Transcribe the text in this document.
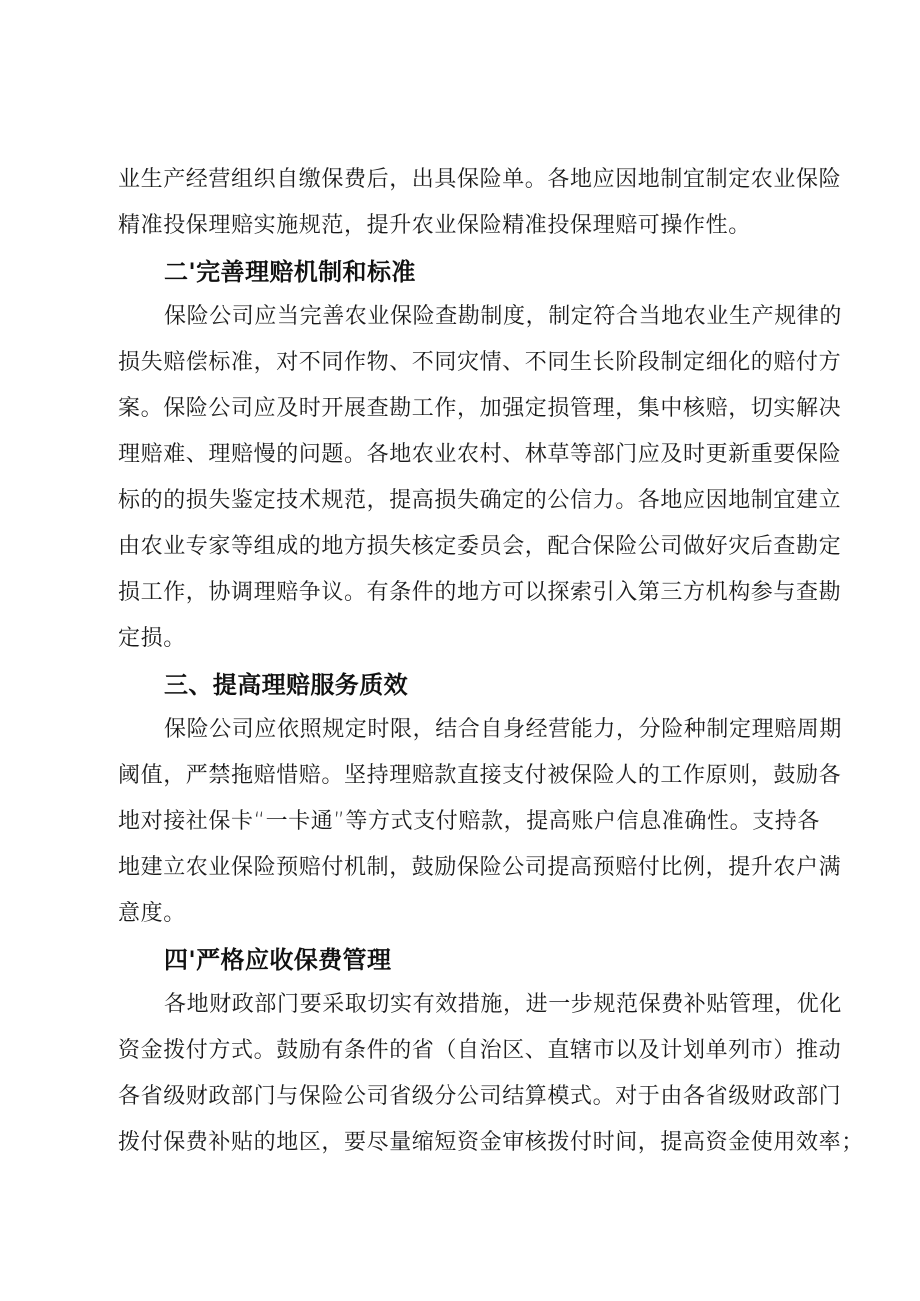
业生产经营组织自缴保费后，出具保险单。各地应因地制宜制定农业保险
精准投保理赔实施规范，提升农业保险精准投保理赔可操作性。
二'完善理赔机制和标准
保险公司应当完善农业保险查勘制度，制定符合当地农业生产规律的
损失赔偿标准，对不同作物、不同灾情、不同生长阶段制定细化的赔付方
案。保险公司应及时开展查勘工作，加强定损管理，集中核赔，切实解决
理赔难、理赔慢的问题。各地农业农村、林草等部门应及时更新重要保险
标的的损失鉴定技术规范，提高损失确定的公信力。各地应因地制宜建立
由农业专家等组成的地方损失核定委员会，配合保险公司做好灾后查勘定
损工作，协调理赔争议。有条件的地方可以探索引入第三方机构参与查勘
定损。
三、提高理赔服务质效
保险公司应依照规定时限，结合自身经营能力，分险种制定理赔周期
阈值，严禁拖赔惜赔。坚持理赔款直接支付被保险人的工作原则，鼓励各
地对接社保卡“一卡通”等方式支付赔款，提高账户信息准确性。支持各
地建立农业保险预赔付机制，鼓励保险公司提高预赔付比例，提升农户满
意度。
四'严格应收保费管理
各地财政部门要采取切实有效措施，进一步规范保费补贴管理，优化
资金拨付方式。鼓励有条件的省（自治区、直辖市以及计划单列市）推动
各省级财政部门与保险公司省级分公司结算模式。对于由各省级财政部门
拨付保费补贴的地区，要尽量缩短资金审核拨付时间，提高资金使用效率；
